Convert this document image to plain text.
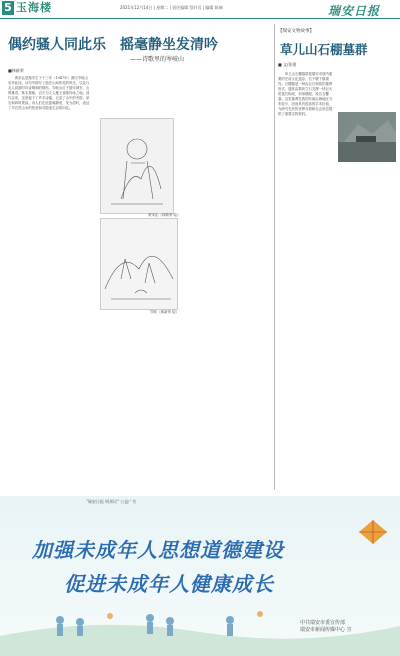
5 玉海楼	2021年12月14日 | 星期二 | 责任编辑 蔡轩君 | 编辑 陈瑞	瑞安日报
偶约骚人同此乐　摇毫静坐发清吟
——诗歌里的岑岐山
■林新荣

黄宋沁是瑞安生于十三年（1947年）游历岑岐山后作此诗。诗句中描写了他在山间所见的风光，以及与友人同游时吟诗唱和的情形。岑岐山位于瑞安城东，山势雄奇，林木葱郁，自古为文人雅士登临吟咏之地。清代以来，这里留下了许多诗篇，记录了山中的寺院、泉石和四时景致。诗人们在此摇毫静坐，发为清吟，表达了对自然山水的热爱和对隐逸生活的向往。

黄宋沁（林新荣 绘）
岑岐（林新荣 绘）
【瑞安文物故事】
草儿山石棚墓群
■ 文/张建

草儿山石棚墓群是瑞安市境内重要的史前文化遗存，位于塘下镇境内。石棚墓是一种由巨石构筑的墓葬形式，通常由数块立石支撑一块巨大的盖石构成，形似棚屋，故名石棚墓。这类墓葬在我国东南沿海地区分布较少，因而具有很高的学术价值，为研究先民的丧葬习俗和社会形态提供了重要实物资料。

"瑞安日报 明邦民" 公益广告
加强未成年人思想道德建设
促进未成年人健康成长
中共瑞安市委宣传部
瑞安市新闻传媒中心 宣
